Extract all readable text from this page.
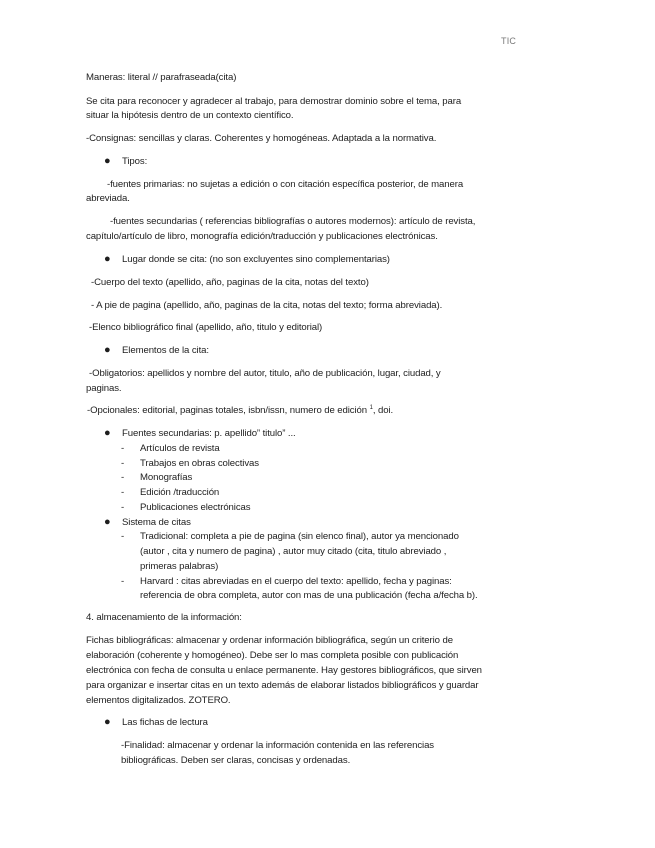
TIC
Maneras: literal // parafraseada(cita)
Se cita para reconocer y agradecer al trabajo, para demostrar dominio sobre el tema, para
situar la hipótesis dentro de un contexto científico.
-Consignas: sencillas y claras. Coherentes y homogéneas. Adaptada a la normativa.
● Tipos:
-fuentes primarias: no sujetas a edición o con citación específica posterior, de manera
abreviada.
-fuentes secundarias ( referencias bibliografías o autores modernos): artículo de revista,
capítulo/artículo de libro, monografía edición/traducción y publicaciones electrónicas.
● Lugar donde se cita: (no son excluyentes sino complementarias)
-Cuerpo del texto (apellido, año, paginas de la cita, notas del texto)
- A pie de pagina (apellido, año, paginas de la cita, notas del texto; forma abreviada).
-Elenco bibliográfico final (apellido, año, titulo y editorial)
● Elementos de la cita:
-Obligatorios: apellidos y nombre del autor, titulo, año de publicación, lugar, ciudad, y
paginas.
-Opcionales: editorial, paginas totales, isbn/issn, numero de edición $^1$, doi.
● Fuentes secundarias: p. apellido” titulo” ...
- Artículos de revista
- Trabajos en obras colectivas
- Monografías
- Edición /traducción
- Publicaciones electrónicas
● Sistema de citas
- Tradicional: completa a pie de pagina (sin elenco final), autor ya mencionado
(autor , cita y numero de pagina) , autor muy citado (cita, titulo abreviado ,
primeras palabras)
- Harvard : citas abreviadas en el cuerpo del texto: apellido, fecha y paginas:
referencia de obra completa, autor con mas de una publicación (fecha a/fecha b).
4. almacenamiento de la información:
Fichas bibliográficas: almacenar y ordenar información bibliográfica, según un criterio de
elaboración (coherente y homogéneo). Debe ser lo mas completa posible con publicación
electrónica con fecha de consulta u enlace permanente. Hay gestores bibliográficos, que sirven
para organizar e insertar citas en un texto además de elaborar listados bibliográficos y guardar
elementos digitalizados. ZOTERO.
● Las fichas de lectura
-Finalidad: almacenar y ordenar la información contenida en las referencias
bibliográficas. Deben ser claras, concisas y ordenadas.
